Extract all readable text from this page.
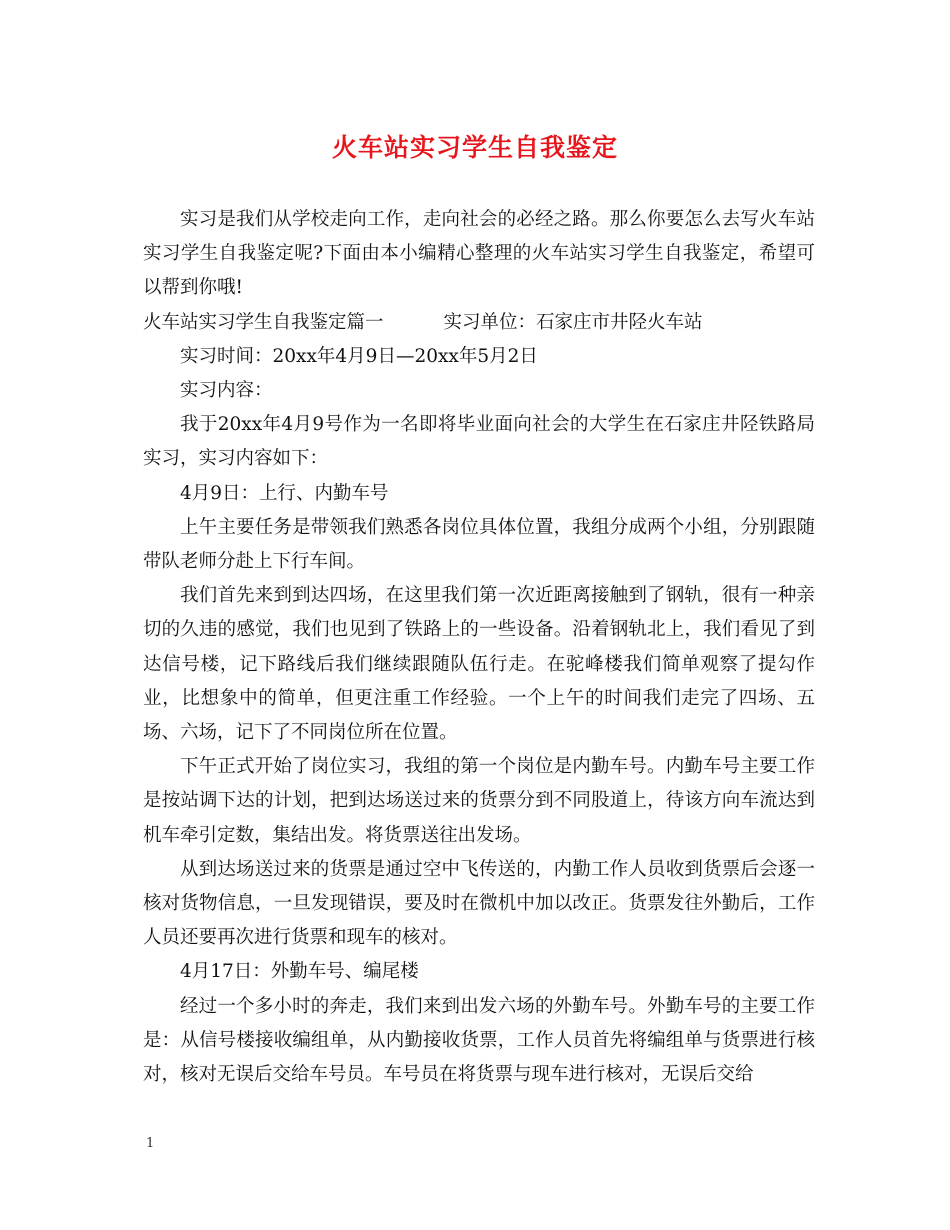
火车站实习学生自我鉴定

实习是我们从学校走向工作，走向社会的必经之路。那么你要怎么去写火车站实习学生自我鉴定呢?下面由本小编精心整理的火车站实习学生自我鉴定，希望可以帮到你哦!

火车站实习学生自我鉴定篇一	实习单位：石家庄市井陉火车站

实习时间：20xx年4月9日—20xx年5月2日

实习内容：

我于20xx年4月9号作为一名即将毕业面向社会的大学生在石家庄井陉铁路局实习，实习内容如下：

4月9日：上行、内勤车号

上午主要任务是带领我们熟悉各岗位具体位置，我组分成两个小组，分别跟随带队老师分赴上下行车间。

我们首先来到到达四场，在这里我们第一次近距离接触到了钢轨，很有一种亲切的久违的感觉，我们也见到了铁路上的一些设备。沿着钢轨北上，我们看见了到达信号楼，记下路线后我们继续跟随队伍行走。在驼峰楼我们简单观察了提勾作业，比想象中的简单，但更注重工作经验。一个上午的时间我们走完了四场、五场、六场，记下了不同岗位所在位置。

下午正式开始了岗位实习，我组的第一个岗位是内勤车号。内勤车号主要工作是按站调下达的计划，把到达场送过来的货票分到不同股道上，待该方向车流达到机车牵引定数，集结出发。将货票送往出发场。

从到达场送过来的货票是通过空中飞传送的，内勤工作人员收到货票后会逐一核对货物信息，一旦发现错误，要及时在微机中加以改正。货票发往外勤后，工作人员还要再次进行货票和现车的核对。

4月17日：外勤车号、编尾楼

经过一个多小时的奔走，我们来到出发六场的外勤车号。外勤车号的主要工作是：从信号楼接收编组单，从内勤接收货票，工作人员首先将编组单与货票进行核对，核对无误后交给车号员。车号员在将货票与现车进行核对，无误后交给

1
